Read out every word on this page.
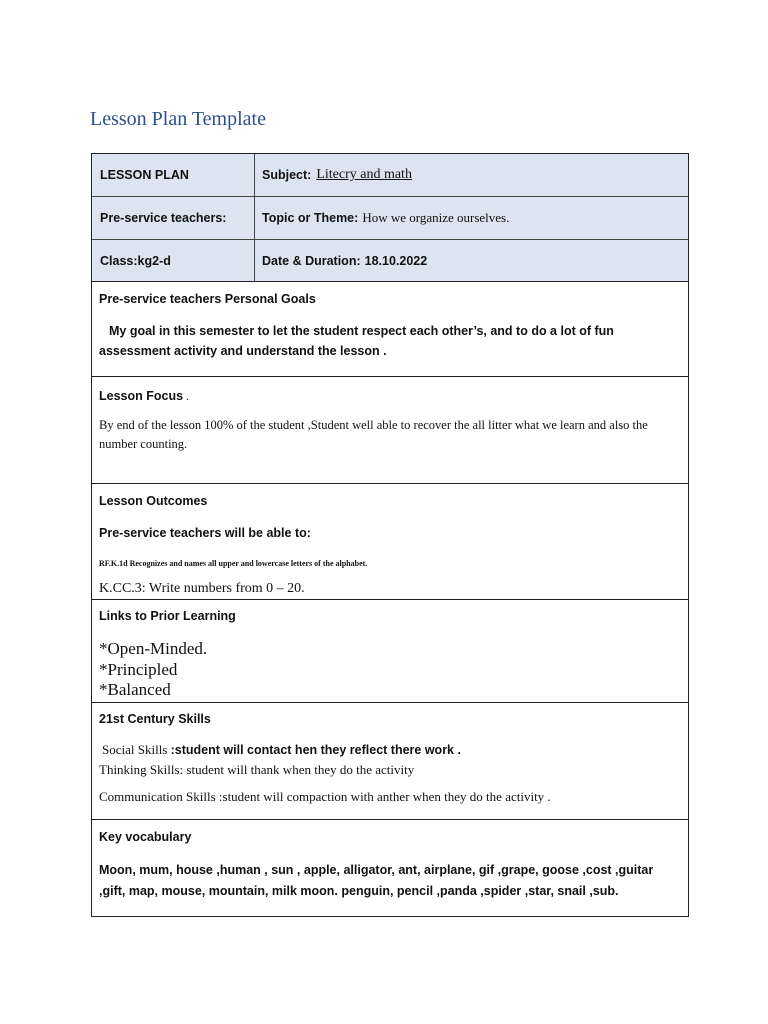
Lesson Plan Template
LESSON PLAN	Subject: Litecry and math
Pre-service teachers:	Topic or Theme: How we organize ourselves.
Class:kg2-d	Date & Duration: 18.10.2022
Pre-service teachers Personal Goals
My goal in this semester to let the student respect each other’s, and to do a lot of fun assessment activity and understand the lesson .
Lesson Focus .
By end of the lesson 100% of the student ,Student well able to recover the all litter what we learn and also the number counting.
Lesson Outcomes
Pre-service teachers will be able to:
RF.K.1d Recognizes and names all upper and lowercase letters of the alphabet.
K.CC.3: Write numbers from 0 – 20.
Links to Prior Learning
*Open-Minded.
*Principled
*Balanced
21st Century Skills
Social Skills :student will contact hen they reflect there work .
Thinking Skills: student will thank when they do the activity
Communication Skills :student will compaction with anther when they do the activity .
Key vocabulary
Moon, mum, house ,human , sun , apple, alligator, ant, airplane, gif ,grape, goose ,cost ,guitar ,gift, map, mouse, mountain, milk moon. penguin, pencil ,panda ,spider ,star, snail ,sub.
